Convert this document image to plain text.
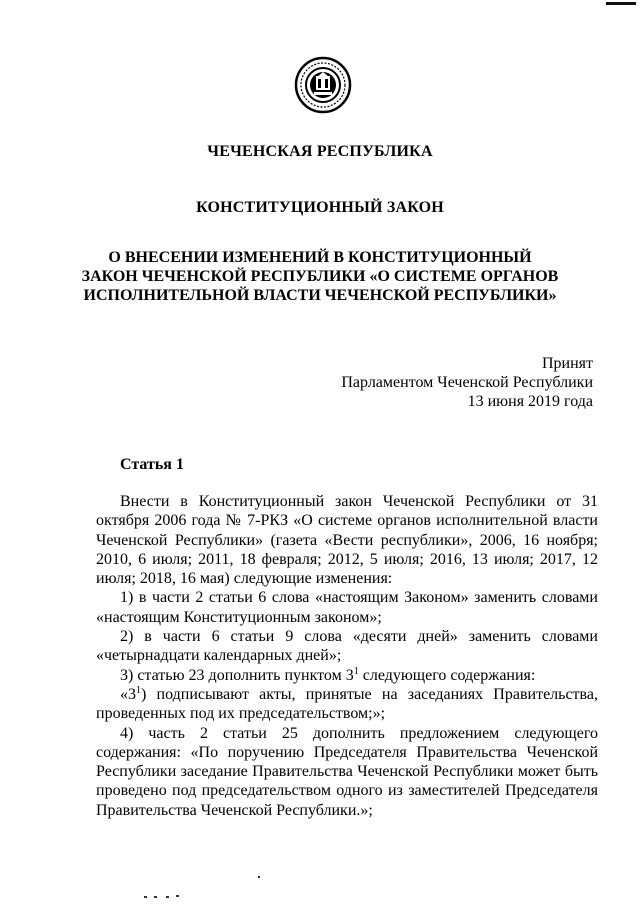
ЧЕЧЕНСКАЯ РЕСПУБЛИКА
КОНСТИТУЦИОННЫЙ ЗАКОН
О ВНЕСЕНИИ ИЗМЕНЕНИЙ В КОНСТИТУЦИОННЫЙ
ЗАКОН ЧЕЧЕНСКОЙ РЕСПУБЛИКИ «О СИСТЕМЕ ОРГАНОВ
ИСПОЛНИТЕЛЬНОЙ ВЛАСТИ ЧЕЧЕНСКОЙ РЕСПУБЛИКИ»
Принят
Парламентом Чеченской Республики
13 июня 2019 года
Статья 1

Внести в Конституционный закон Чеченской Республики от 31 октября 2006 года № 7-РКЗ «О системе органов исполнительной власти Чеченской Республики» (газета «Вести республики», 2006, 16 ноября; 2010, 6 июля; 2011, 18 февраля; 2012, 5 июля; 2016, 13 июля; 2017, 12 июля; 2018, 16 мая) следующие изменения:

1) в части 2 статьи 6 слова «настоящим Законом» заменить словами «настоящим Конституционным законом»;

2) в части 6 статьи 9 слова «десяти дней» заменить словами «четырнадцати календарных дней»;

3) статью 23 дополнить пунктом $3^1$ следующего содержания:

«$3^1$) подписывают акты, принятые на заседаниях Правительства, проведенных под их председательством;»;

4) часть 2 статьи 25 дополнить предложением следующего содержания: «По поручению Председателя Правительства Чеченской Республики заседание Правительства Чеченской Республики может быть проведено под председательством одного из заместителей Председателя Правительства Чеченской Республики.»;
